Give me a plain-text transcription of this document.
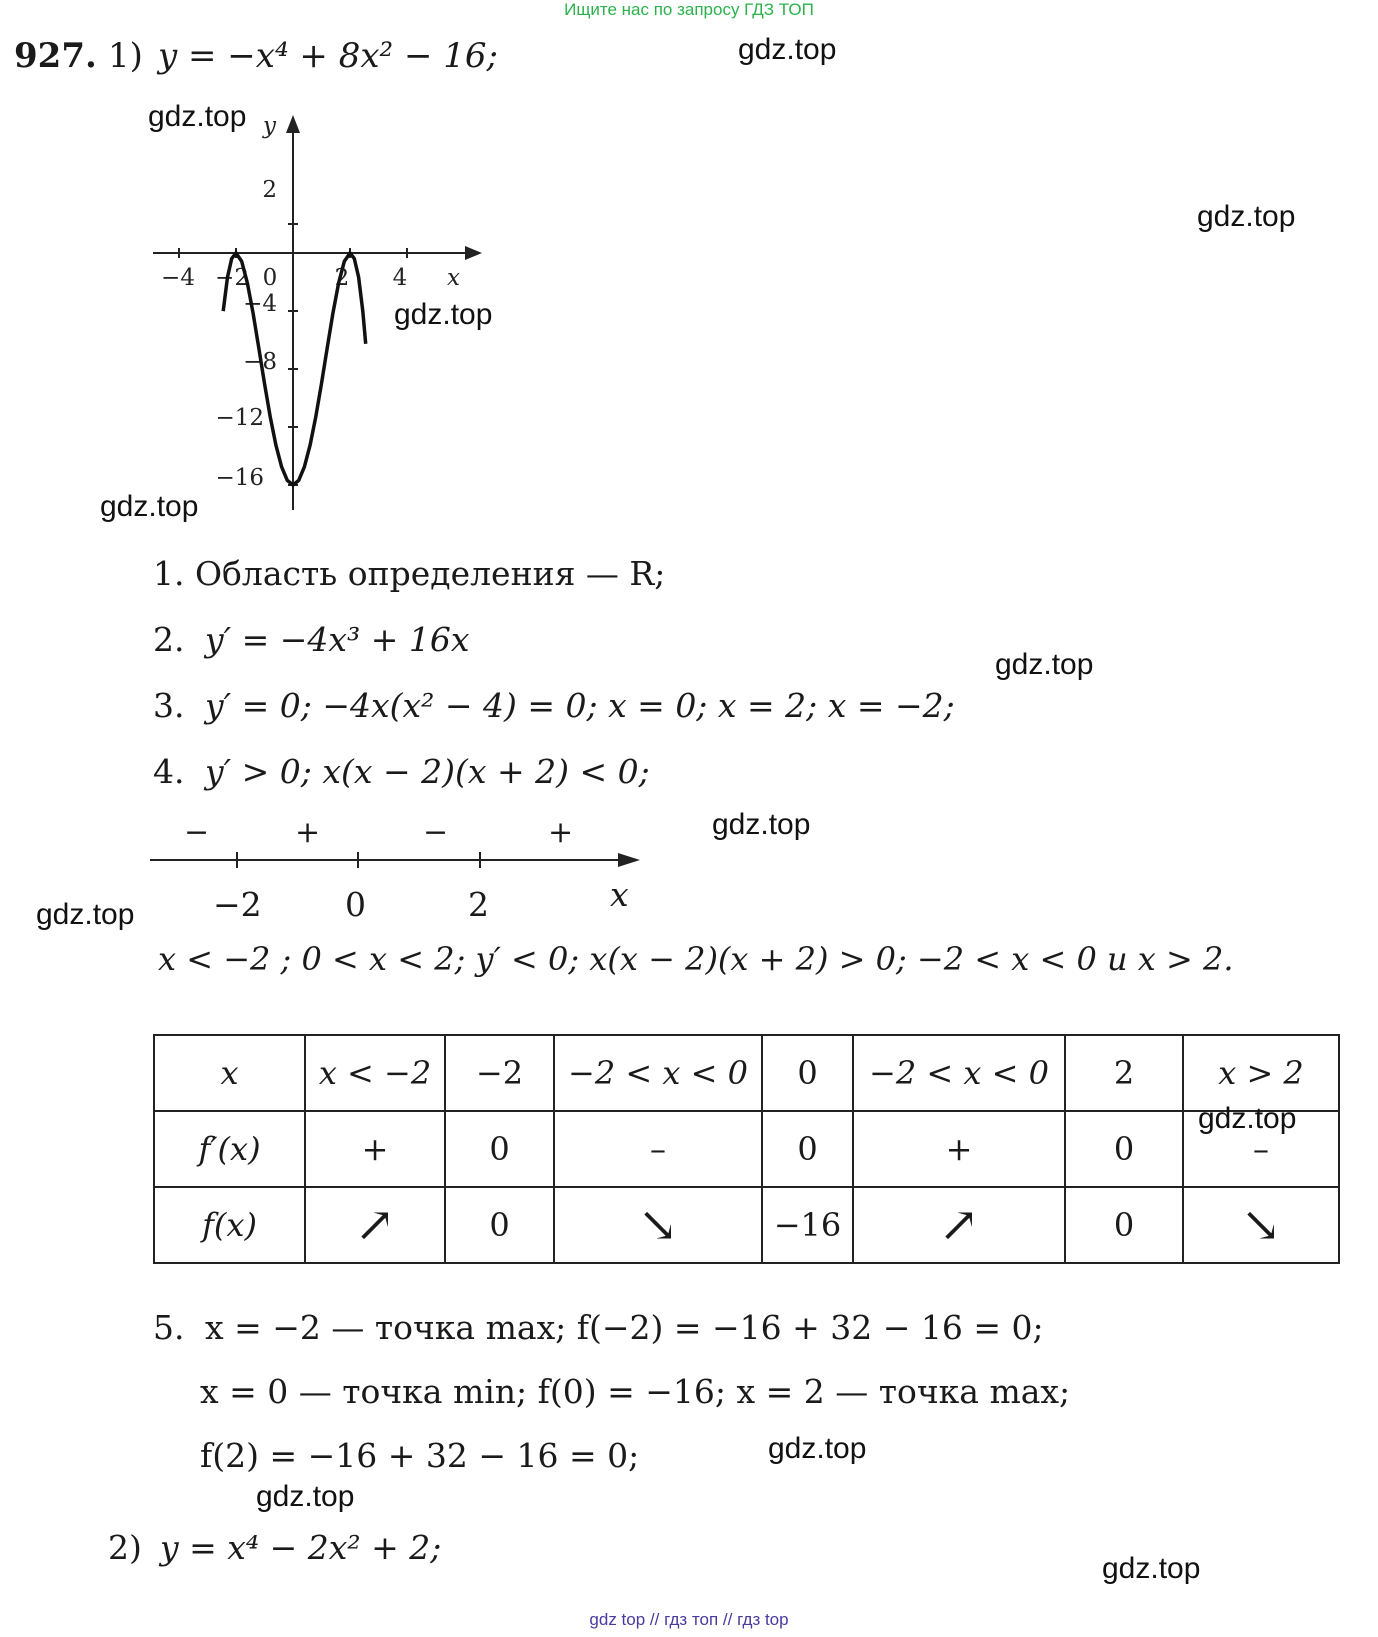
Ищите нас по запросу ГДЗ ТОП
927. 1) y = −x⁴ + 8x² − 16;
x
y
−4 −2 0 2 4
2
−4
−8
−12
−16
1. Область определения — R;
2. y′ = −4x³ + 16x
3. y′ = 0; −4x(x² − 4) = 0; x = 0; x = 2; x = −2;
4. y′ > 0; x(x − 2)(x + 2) < 0;
−	+	−	+
−2	0	2	x
x < −2 ; 0 < x < 2; y′ < 0; x(x − 2)(x + 2) > 0; −2 < x < 0 и x > 2.
x	x < −2	−2	−2 < x < 0	0	−2 < x < 0	2	x > 2
f′(x)	+	0	–	0	+	0	–
f(x)	↗	0	↘	−16	↗	0	↘
5. x = −2 — точка max; f(−2) = −16 + 32 − 16 = 0;
x = 0 — точка min; f(0) = −16; x = 2 — точка max;
f(2) = −16 + 32 − 16 = 0;
2) y = x⁴ − 2x² + 2;
gdz.top
gdz.top
gdz.top
gdz.top
gdz.top
gdz.top
gdz.top
gdz.top
gdz.top
gdz.top
gdz.top
gdz.top
gdz top // гдз топ // гдз top
